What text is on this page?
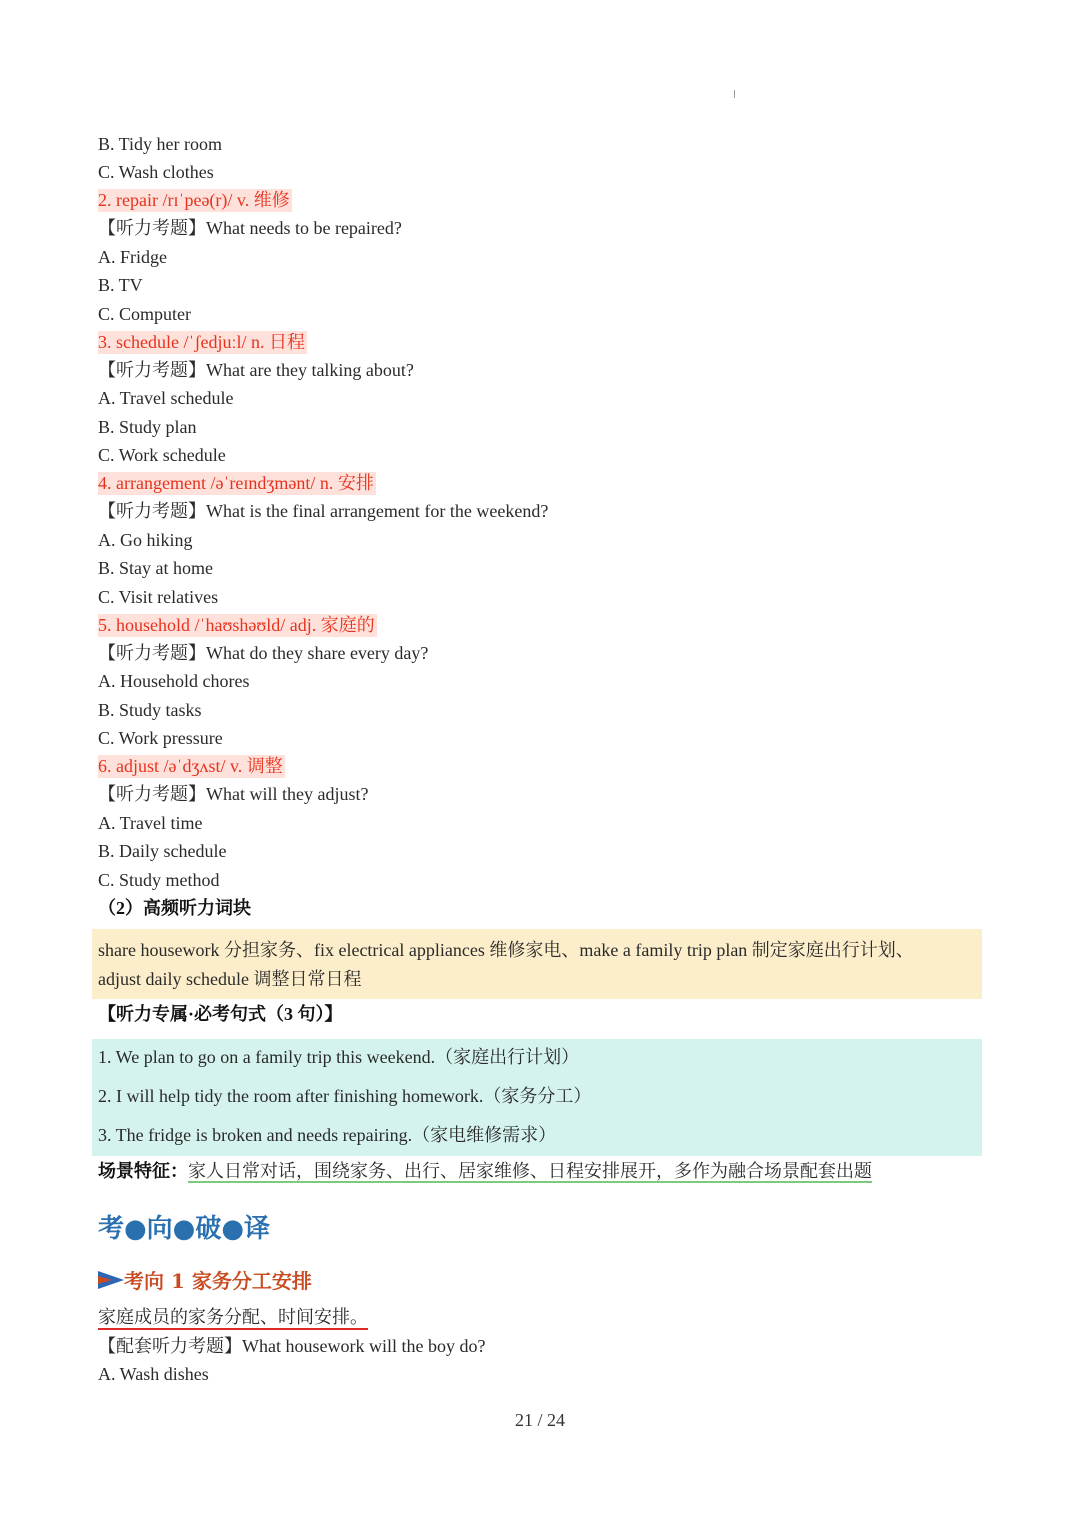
B. Tidy her room
C. Wash clothes
2. repair /rɪˈpeə(r)/ v. 维修
【听力考题】What needs to be repaired?
A. Fridge
B. TV
C. Computer
3. schedule /ˈʃedjuːl/ n. 日程
【听力考题】What are they talking about?
A. Travel schedule
B. Study plan
C. Work schedule
4. arrangement /əˈreɪndʒmənt/ n. 安排
【听力考题】What is the final arrangement for the weekend?
A. Go hiking
B. Stay at home
C. Visit relatives
5. household /ˈhaʊshəʊld/ adj. 家庭的
【听力考题】What do they share every day?
A. Household chores
B. Study tasks
C. Work pressure
6. adjust /əˈdʒʌst/ v. 调整
【听力考题】What will they adjust?
A. Travel time
B. Daily schedule
C. Study method
（2）高频听力词块
share housework 分担家务、fix electrical appliances 维修家电、make a family trip plan 制定家庭出行计划、
adjust daily schedule 调整日常日程
【听力专属·必考句式（3 句）】
1. We plan to go on a family trip this weekend.（家庭出行计划）
2. I will help tidy the room after finishing homework.（家务分工）
3. The fridge is broken and needs repairing.（家电维修需求）
场景特征：家人日常对话，围绕家务、出行、居家维修、日程安排展开，多作为融合场景配套出题
考●向●破●译
考向 1 家务分工安排
家庭成员的家务分配、时间安排。
【配套听力考题】What housework will the boy do?
A. Wash dishes
21 / 24
